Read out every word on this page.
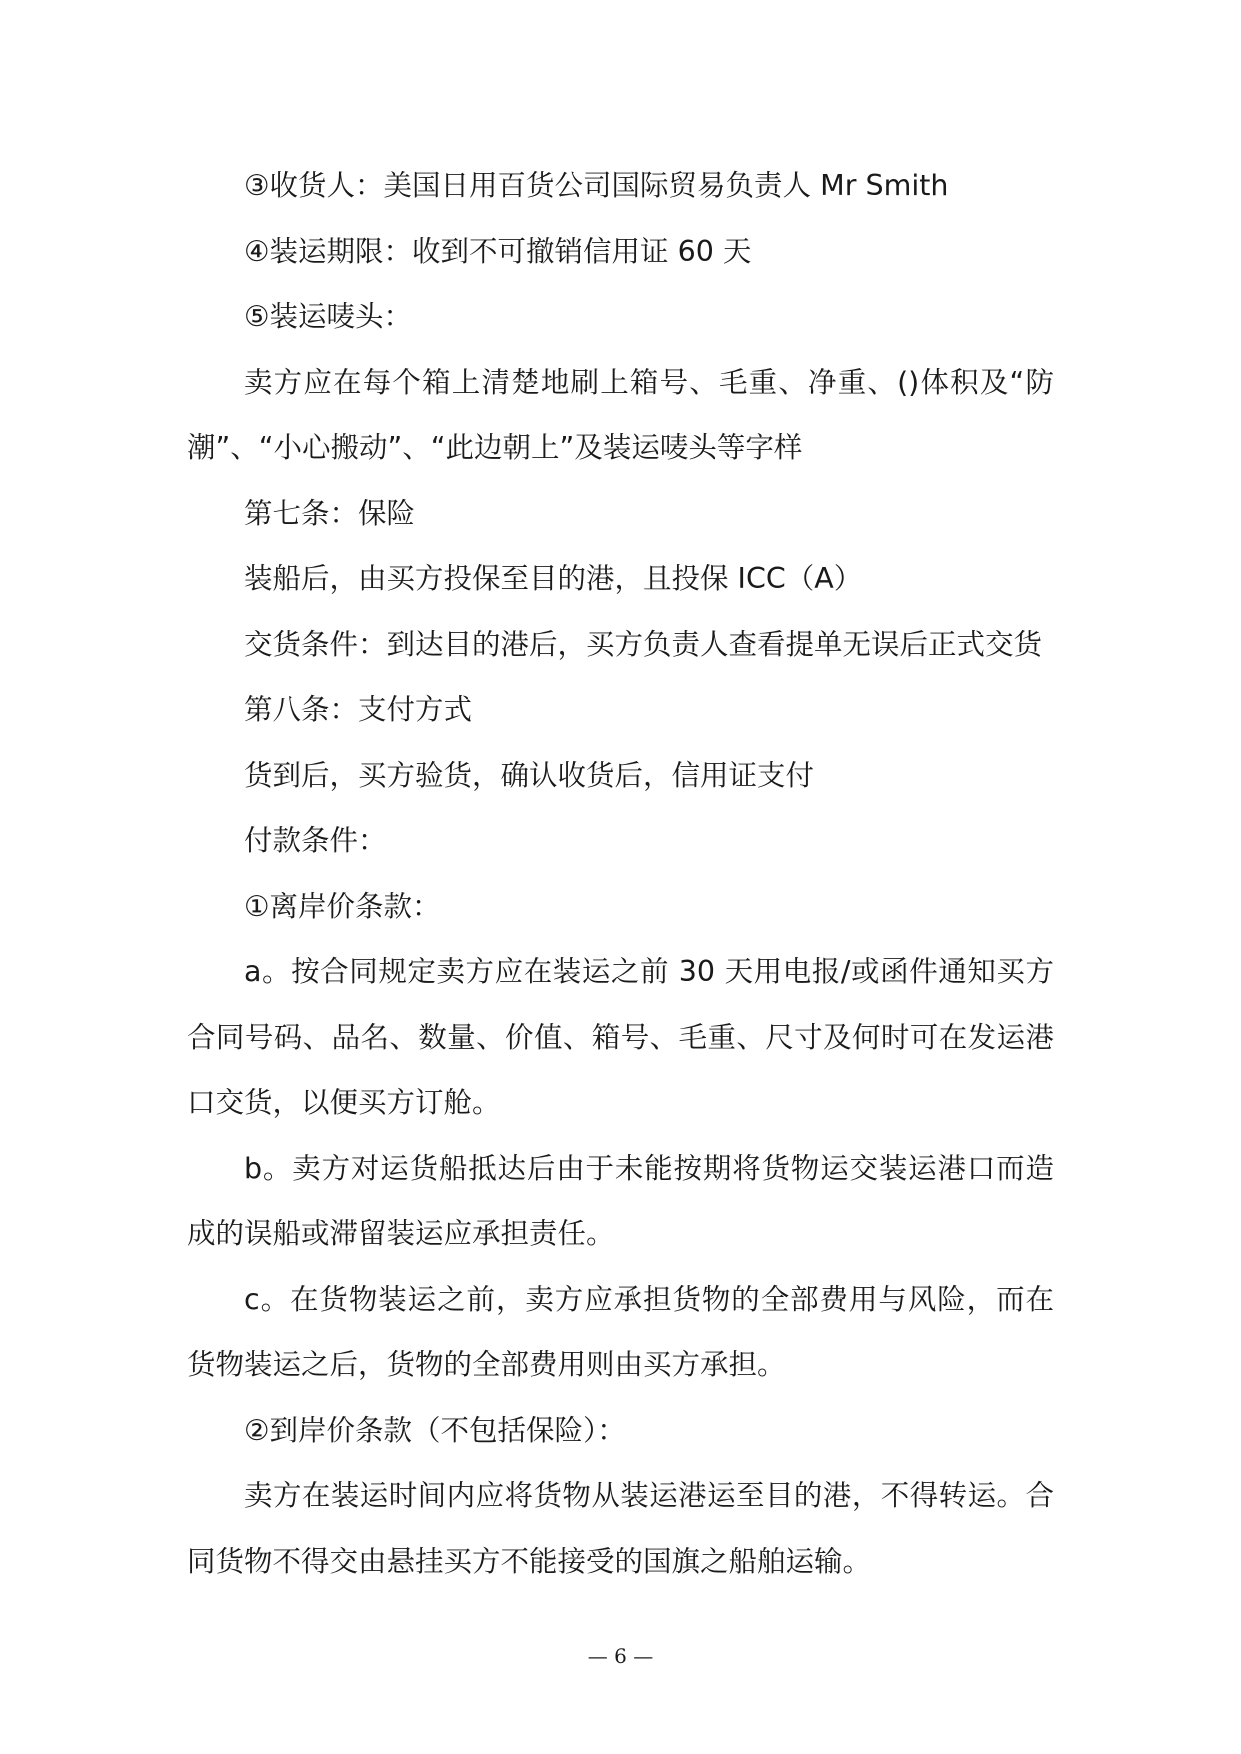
③收货人：美国日用百货公司国际贸易负责人 Mr Smith
④装运期限：收到不可撤销信用证 60 天
⑤装运唛头：
卖方应在每个箱上清楚地刷上箱号、毛重、净重、()体积及“防
潮”、“小心搬动”、“此边朝上”及装运唛头等字样
第七条：保险
装船后，由买方投保至目的港，且投保 ICC（A）
交货条件：到达目的港后，买方负责人查看提单无误后正式交货
第八条：支付方式
货到后，买方验货，确认收货后，信用证支付
付款条件：
①离岸价条款：
a。按合同规定卖方应在装运之前 30 天用电报/或函件通知买方
合同号码、品名、数量、价值、箱号、毛重、尺寸及何时可在发运港
口交货，以便买方订舱。
b。卖方对运货船抵达后由于未能按期将货物运交装运港口而造
成的误船或滞留装运应承担责任。
c。在货物装运之前，卖方应承担货物的全部费用与风险，而在
货物装运之后，货物的全部费用则由买方承担。
②到岸价条款（不包括保险）：
卖方在装运时间内应将货物从装运港运至目的港，不得转运。合
同货物不得交由悬挂买方不能接受的国旗之船舶运输。
— 6 —
